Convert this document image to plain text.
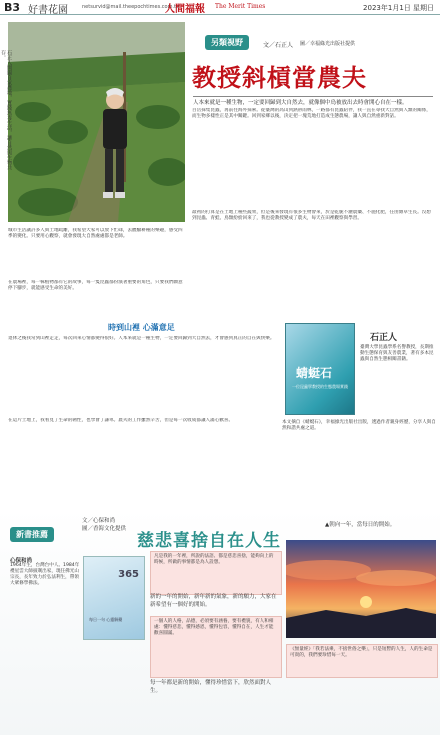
B3 好書花園	netsurvid@mail.theepochtimes.com.tw
人間福報 The Merit Times	2023年1月1日 星期日
石正人開闢自家農地，實踐無毒生活，讓自然與生物共存。
另類視野	文／石正人 圖／幸福綠光出版社提供
教授斜槓當農夫
人本來就是一種生物，一定要回歸到大自然去，就像個中鳥被放出去時會開心自在一樣。
百岳採集昆蟲，再前往海外探索。從臺灣的高山到熱帶雨林，一路都有昆蟲陪伴，我一直在尋找大自然與人類的關係，而生物多樣性正是其中關鍵。回到家鄉以後，決定把一塊荒地打造成生態農場，讓人與自然重新對話。
最初的打算是在土地上種些蔬果，但是後來發現有很多生物會來，於是乾脆不灑農藥、不施化肥，任由雜草生長。沒想到昆蟲、青蛙、鳥類紛紛回來了，我也從教授變成了農夫，每天在田裡觀察與學習。
城市生活讓許多人與土地疏離，我希望大家可以放下忙碌，去體驗耕種的樂趣，感受四季的變化。只要用心觀察，就會發現大自然處處都是老師。
在農場裡，每一株植物都有它的故事，每一隻昆蟲都扮演著重要的角色，只要我們願意停下腳步，就能感受生命的美好。
時到山裡 心滿意足
退休之後我常到山裡走走，每次回來心情都變得很好。人本來就是一種生物，一定要回歸到大自然去，才會感到真正的自在與快樂。
在這片土地上，我看見了生命的韌性，也學會了謙卑。農夫的工作雖然辛苦，但是每一次收成都讓人滿心歡喜。
蜻蜓石
一位昆蟲學教授的生態農場實踐
石正人
臺灣大學昆蟲學系名譽教授，長期推動生態保育與友善農業，著有多本昆蟲與自然生態相關書籍。
本文摘自《蜻蜓石》，幸福綠光出版社出版，透過作者親身經歷，分享人與自然和諧共處之道。
新書推薦
文／心保和尚
圖／香海文化提供
慈悲喜捨自在人生
▲朝向一年，當每日的開始。
心保和尚
1964年生，台灣台中人。1984年禮星雲大師披剃出家，現任佛光山宗長，長年致力於弘法利生，帶領大眾修學佛法。
365
每日一句 心靈解藥
凡是我的一年裡，所說的法語、都是慈悲喜捨，能夠向上的時候，所做的事情都是為人設想。
新的一年的開始，新年新的氣象，新的願力，大家在新希望有一個好的開始。
一個人的人格，品德，必須要有涵養，要有禮貌，有人和相處：懂得慈悲，懂得感恩，懂得包容，懂得自在，人生才能歡喜圓滿。
每一年都是新的開始，懂得珍惜當下，欣然面對人生。
《無量經》「我若法乘，不捨世俗之樂」，只是短暫的人生，人的生命是可貴的，我們要珍惜每一天。
